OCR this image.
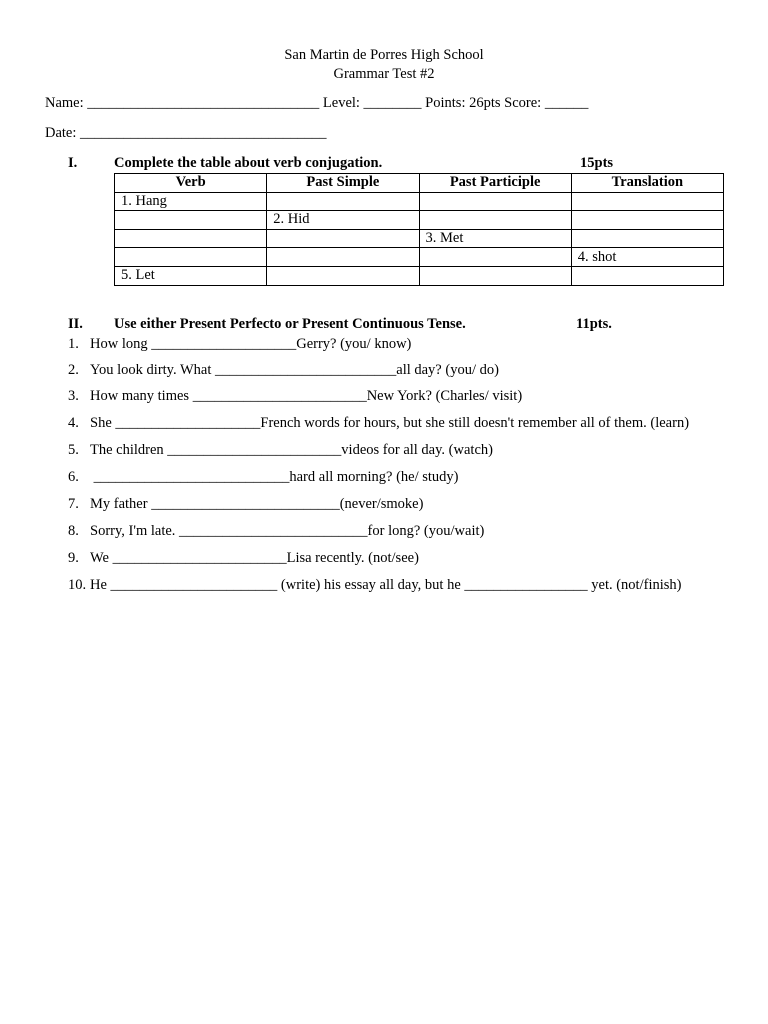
San Martin de Porres High School
Grammar Test #2
Name: ________________________________ Level: ________ Points: 26pts Score: ______
Date: __________________________________
I.	Complete the table about verb conjugation.	15pts
Verb	Past Simple	Past Participle	Translation
1. Hang			
	2. Hid		
		3. Met	
			4. shot
5. Let			
II. Use either Present Perfecto or Present Continuous Tense.	11pts.
1. How long ____________________Gerry? (you/ know)
2. You look dirty. What _________________________all day? (you/ do)
3. How many times ________________________New York? (Charles/ visit)
4. She ____________________French words for hours, but she still doesn't remember all of them. (learn)
5. The children ________________________videos for all day. (watch)
6. ___________________________hard all morning? (he/ study)
7. My father __________________________(never/smoke)
8. Sorry, I'm late. __________________________for long? (you/wait)
9. We ________________________Lisa recently. (not/see)
10. He _______________________ (write) his essay all day, but he _________________ yet. (not/finish)
